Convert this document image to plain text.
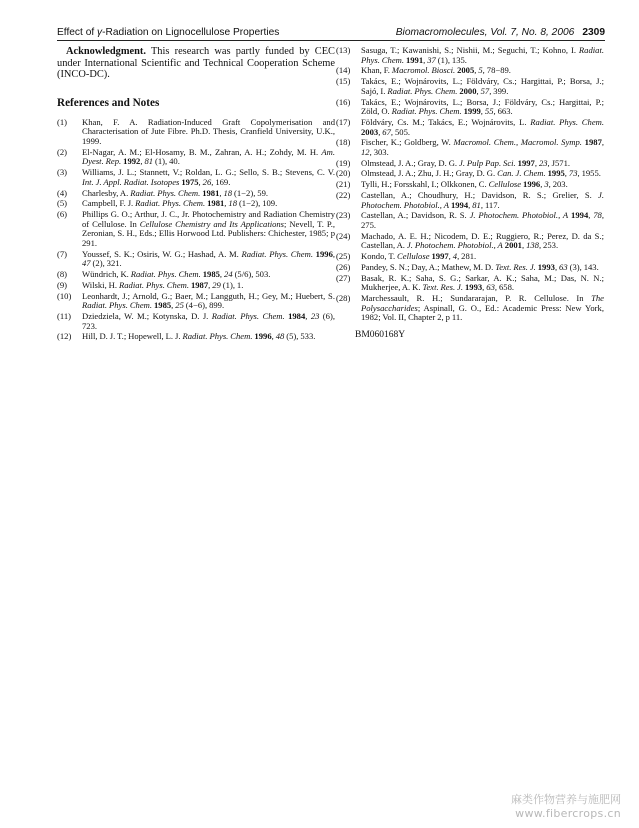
Effect of γ-Radiation on Lignocellulose Properties	Biomacromolecules, Vol. 7, No. 8, 2006 2309

Acknowledgment. This research was partly funded by CEC under International Scientific and Technical Cooperation Scheme (INCO-DC).

References and Notes
(1)	Khan, F. A. Radiation-Induced Graft Copolymerisation and Characterisation of Jute Fibre. Ph.D. Thesis, Cranfield University, U.K., 1999.
(2)	El-Nagar, A. M.; El-Hosamy, B. M., Zahran, A. H.; Zohdy, M. H. Am. Dyest. Rep. 1992, 81 (1), 40.
(3)	Williams, J. L.; Stannett, V.; Roldan, L. G.; Sello, S. B.; Stevens, C. V. Int. J. Appl. Radiat. Isotopes 1975, 26, 169.
(4)	Charlesby, A. Radiat. Phys. Chem. 1981, 18 (1−2), 59.
(5)	Campbell, F. J. Radiat. Phys. Chem. 1981, 18 (1−2), 109.
(6)	Phillips G. O.; Arthur, J. C., Jr. Photochemistry and Radiation Chemistry of Cellulose. In Cellulose Chemistry and Its Applications; Nevell, T. P., Zeronian, S. H., Eds.; Ellis Horwood Ltd. Publishers: Chichester, 1985; p 291.
(7)	Youssef, S. K.; Osiris, W. G.; Hashad, A. M. Radiat. Phys. Chem. 1996, 47 (2), 321.
(8)	Wündrich, K. Radiat. Phys. Chem. 1985, 24 (5/6), 503.
(9)	Wilski, H. Radiat. Phys. Chem. 1987, 29 (1), 1.
(10)	Leonhardt, J.; Arnold, G.; Baer, M.; Langguth, H.; Gey, M.; Huebert, S. Radiat. Phys. Chem. 1985, 25 (4−6), 899.
(11)	Dziedziela, W. M.; Kotynska, D. J. Radiat. Phys. Chem. 1984, 23 (6), 723.
(12)	Hill, D. J. T.; Hopewell, L. J. Radiat. Phys. Chem. 1996, 48 (5), 533.
(13)	Sasuga, T.; Kawanishi, S.; Nishii, M.; Seguchi, T.; Kohno, I. Radiat. Phys. Chem. 1991, 37 (1), 135.
(14)	Khan, F. Macromol. Biosci. 2005, 5, 78−89.
(15)	Takács, E.; Wojnárovits, L.; Földváry, Cs.; Hargittai, P.; Borsa, J.; Sajó, I. Radiat. Phys. Chem. 2000, 57, 399.
(16)	Takács, E.; Wojnárovits, L.; Borsa, J.; Földváry, Cs.; Hargittai, P.; Zöld, O. Radiat. Phys. Chem. 1999, 55, 663.
(17)	Földváry, Cs. M.; Takács, E.; Wojnárovits, L. Radiat. Phys. Chem. 2003, 67, 505.
(18)	Fischer, K.; Goldberg, W. Macromol. Chem., Macromol. Symp. 1987, 12, 303.
(19)	Olmstead, J. A.; Gray, D. G. J. Pulp Pap. Sci. 1997, 23, J571.
(20)	Olmstead, J. A.; Zhu, J. H.; Gray, D. G. Can. J. Chem. 1995, 73, 1955.
(21)	Tylli, H.; Forsskahl, I.; Olkkonen, C. Cellulose 1996, 3, 203.
(22)	Castellan, A.; Choudhury, H.; Davidson, R. S.; Grelier, S. J. Photochem. Photobiol., A 1994, 81, 117.
(23)	Castellan, A.; Davidson, R. S. J. Photochem. Photobiol., A 1994, 78, 275.
(24)	Machado, A. E. H.; Nicodem, D. E.; Ruggiero, R.; Perez, D. da S.; Castellan, A. J. Photochem. Photobiol., A 2001, 138, 253.
(25)	Kondo, T. Cellulose 1997, 4, 281.
(26)	Pandey, S. N.; Day, A.; Mathew, M. D. Text. Res. J. 1993, 63 (3), 143.
(27)	Basak, R. K.; Saha, S. G.; Sarkar, A. K.; Saha, M.; Das, N. N.; Mukherjee, A. K. Text. Res. J. 1993, 63, 658.
(28)	Marchessault, R. H.; Sundararajan, P. R. Cellulose. In The Polysaccharides; Aspinall, G. O., Ed.: Academic Press: New York, 1982; Vol. II, Chapter 2, p 11.
BM060168Y
麻类作物营养与施肥网
www.fibercrops.cn
